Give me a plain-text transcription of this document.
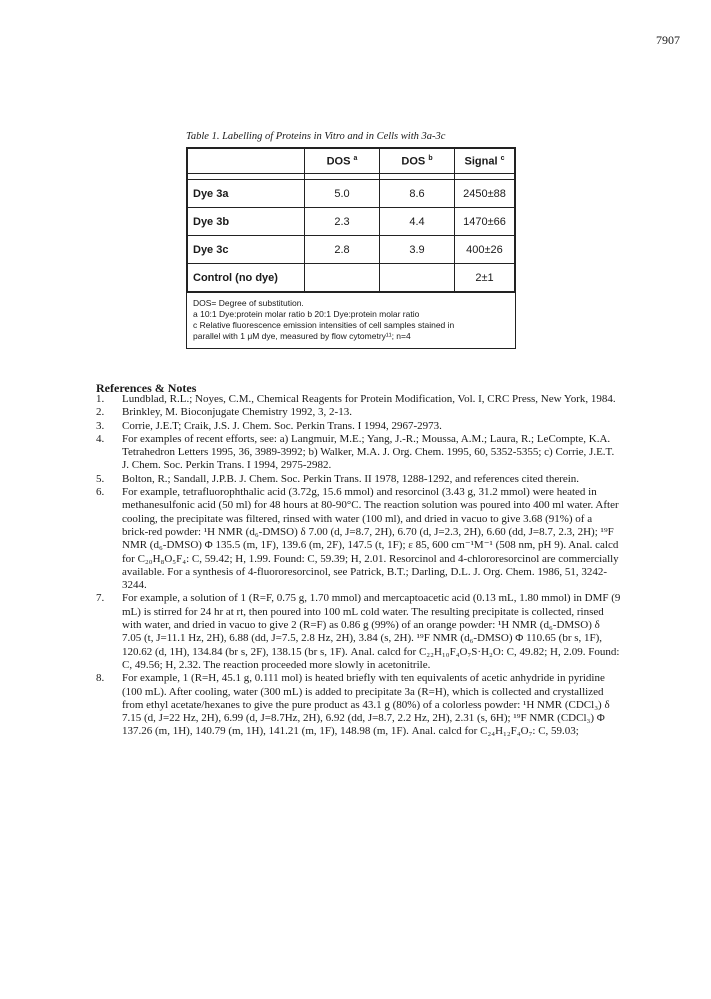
7907
Table 1. Labelling of Proteins in Vitro and in Cells with 3a-3c
	DOS $^a$	DOS $^b$	Signal $^c$

Dye 3a	5.0	8.6	2450±88
Dye 3b	2.3	4.4	1470±66
Dye 3c	2.8	3.9	400±26
Control (no dye)			2±1
DOS= Degree of substitution.
a 10:1 Dye:protein molar ratio b 20:1 Dye:protein molar ratio
c Relative fluorescence emission intensities of cell samples stained in
parallel with 1 μM dye, measured by flow cytometry¹¹; n=4
References & Notes
1. Lundblad, R.L.; Noyes, C.M., Chemical Reagents for Protein Modification, Vol. I, CRC Press, New York, 1984.
2. Brinkley, M. Bioconjugate Chemistry 1992, 3, 2-13.
3. Corrie, J.E.T; Craik, J.S. J. Chem. Soc. Perkin Trans. I 1994, 2967-2973.
4. For examples of recent efforts, see: a) Langmuir, M.E.; Yang, J.-R.; Moussa, A.M.; Laura, R.; LeCompte, K.A. Tetrahedron Letters 1995, 36, 3989-3992; b) Walker, M.A. J. Org. Chem. 1995, 60, 5352-5355; c) Corrie, J.E.T. J. Chem. Soc. Perkin Trans. I 1994, 2975-2982.
5. Bolton, R.; Sandall, J.P.B. J. Chem. Soc. Perkin Trans. II 1978, 1288-1292, and references cited therein.
6. For example, tetrafluorophthalic acid (3.72g, 15.6 mmol) and resorcinol (3.43 g, 31.2 mmol) were heated in methanesulfonic acid (50 ml) for 48 hours at 80-90°C. The reaction solution was poured into 400 ml water. After cooling, the precipitate was filtered, rinsed with water (100 ml), and dried in vacuo to give 3.68 (91%) of a brick-red powder: ¹H NMR (d₆-DMSO) δ 7.00 (d, J=8.7, 2H), 6.70 (d, J=2.3, 2H), 6.60 (dd, J=8.7, 2.3, 2H); ¹⁹F NMR (d₆-DMSO) Φ 135.5 (m, 1F), 139.6 (m, 2F), 147.5 (t, 1F); ε 85, 600 cm⁻¹M⁻¹ (508 nm, pH 9). Anal. calcd for C₂₀H₈O₅F₄: C, 59.42; H, 1.99. Found: C, 59.39; H, 2.01. Resorcinol and 4-chlororesorcinol are commercially available. For a synthesis of 4-fluororesorcinol, see Patrick, B.T.; Darling, D.L. J. Org. Chem. 1986, 51, 3242-3244.
7. For example, a solution of 1 (R=F, 0.75 g, 1.70 mmol) and mercaptoacetic acid (0.13 mL, 1.80 mmol) in DMF (9 mL) is stirred for 24 hr at rt, then poured into 100 mL cold water. The resulting precipitate is collected, rinsed with water, and dried in vacuo to give 2 (R=F) as 0.86 g (99%) of an orange powder: ¹H NMR (d₆-DMSO) δ 7.05 (t, J=11.1 Hz, 2H), 6.88 (dd, J=7.5, 2.8 Hz, 2H), 3.84 (s, 2H). ¹⁹F NMR (d₆-DMSO) Φ 110.65 (br s, 1F), 120.62 (d, 1H), 134.84 (br s, 2F), 138.15 (br s, 1F). Anal. calcd for C₂₂H₁₀F₄O₇S·H₂O: C, 49.82; H, 2.09. Found: C, 49.56; H, 2.32. The reaction proceeded more slowly in acetonitrile.
8. For example, 1 (R=H, 45.1 g, 0.111 mol) is heated briefly with ten equivalents of acetic anhydride in pyridine (100 mL). After cooling, water (300 mL) is added to precipitate 3a (R=H), which is collected and crystallized from ethyl acetate/hexanes to give the pure product as 43.1 g (80%) of a colorless powder: ¹H NMR (CDCl₃) δ 7.15 (d, J=22 Hz, 2H), 6.99 (d, J=8.7Hz, 2H), 6.92 (dd, J=8.7, 2.2 Hz, 2H), 2.31 (s, 6H); ¹⁹F NMR (CDCl₃) Φ 137.26 (m, 1H), 140.79 (m, 1H), 141.21 (m, 1F), 148.98 (m, 1F). Anal. calcd for C₂₄H₁₂F₄O₇: C, 59.03;
